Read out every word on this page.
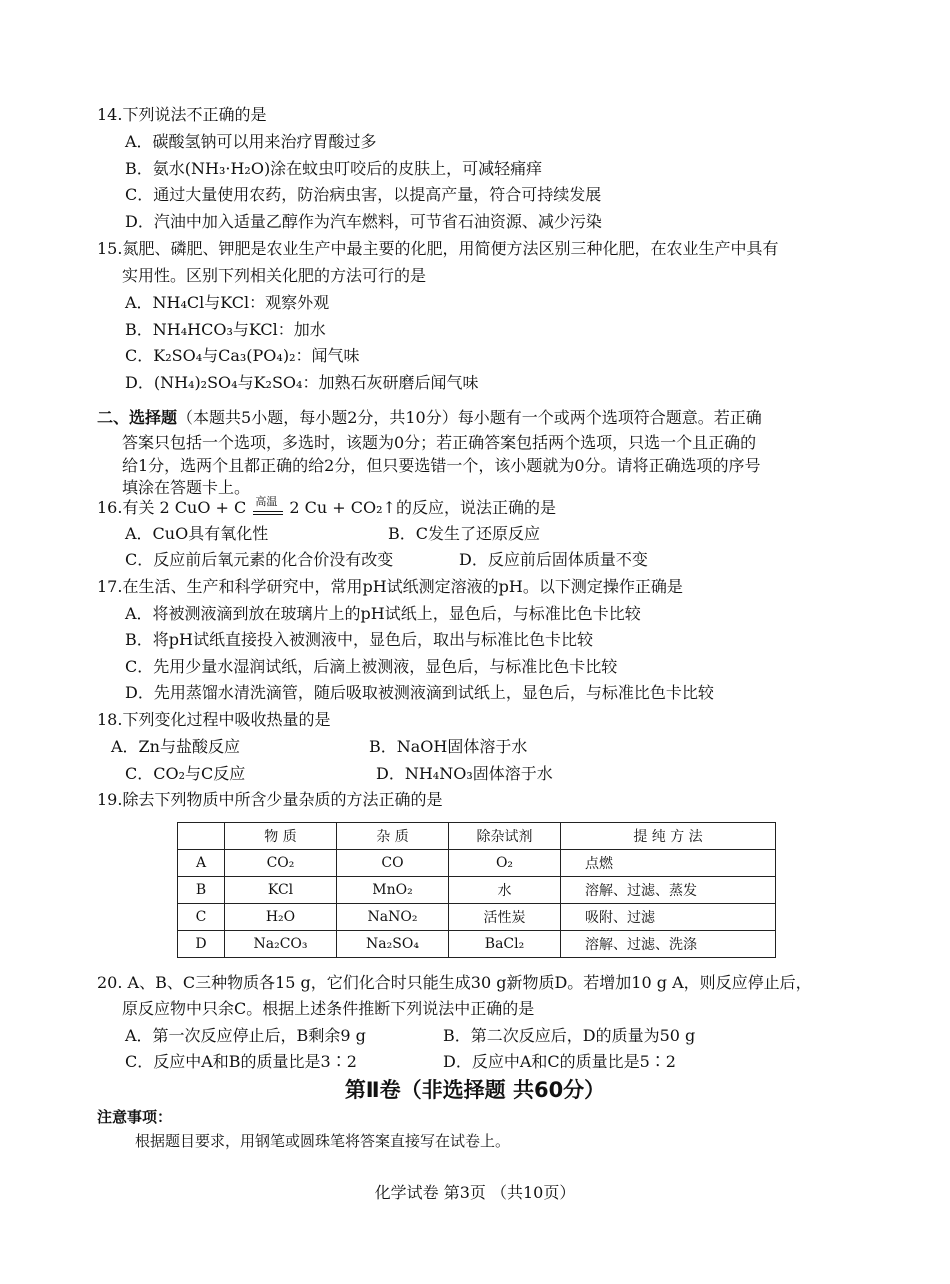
14.下列说法不正确的是
A．碳酸氢钠可以用来治疗胃酸过多
B．氨水(NH₃·H₂O)涂在蚊虫叮咬后的皮肤上，可减轻痛痒
C．通过大量使用农药，防治病虫害，以提高产量，符合可持续发展
D．汽油中加入适量乙醇作为汽车燃料，可节省石油资源、减少污染
15.氮肥、磷肥、钾肥是农业生产中最主要的化肥，用简便方法区别三种化肥，在农业生产中具有
实用性。区别下列相关化肥的方法可行的是
A．NH₄Cl与KCl：观察外观
B．NH₄HCO₃与KCl：加水
C．K₂SO₄与Ca₃(PO₄)₂：闻气味
D．(NH₄)₂SO₄与K₂SO₄：加熟石灰研磨后闻气味
二、选择题（本题共5小题，每小题2分，共10分）每小题有一个或两个选项符合题意。若正确
答案只包括一个选项，多选时，该题为0分；若正确答案包括两个选项，只选一个且正确的
给1分，选两个且都正确的给2分，但只要选错一个，该小题就为0分。请将正确选项的序号
填涂在答题卡上。
16.有关 2 CuO + C 高温 2 Cu + CO₂↑的反应，说法正确的是
A．CuO具有氧化性	B．C发生了还原反应
C．反应前后氧元素的化合价没有改变	D．反应前后固体质量不变
17.在生活、生产和科学研究中，常用pH试纸测定溶液的pH。以下测定操作正确是
A．将被测液滴到放在玻璃片上的pH试纸上，显色后，与标准比色卡比较
B．将pH试纸直接投入被测液中，显色后，取出与标准比色卡比较
C．先用少量水湿润试纸，后滴上被测液，显色后，与标准比色卡比较
D．先用蒸馏水清洗滴管，随后吸取被测液滴到试纸上，显色后，与标准比色卡比较
18.下列变化过程中吸收热量的是
A．Zn与盐酸反应	B．NaOH固体溶于水
C．CO₂与C反应	D．NH₄NO₃固体溶于水
19.除去下列物质中所含少量杂质的方法正确的是
	物 质	杂 质	除杂试剂	提 纯 方 法
A	CO₂	CO	O₂	点燃
B	KCl	MnO₂	水	溶解、过滤、蒸发
C	H₂O	NaNO₂	活性炭	吸附、过滤
D	Na₂CO₃	Na₂SO₄	BaCl₂	溶解、过滤、洗涤
20. A、B、C三种物质各15 g，它们化合时只能生成30 g新物质D。若增加10 g A，则反应停止后，
原反应物中只余C。根据上述条件推断下列说法中正确的是
A．第一次反应停止后，B剩余9 g	B．第二次反应后，D的质量为50 g
C．反应中A和B的质量比是3∶2	D．反应中A和C的质量比是5∶2
第Ⅱ卷（非选择题 共60分）
注意事项：
根据题目要求，用钢笔或圆珠笔将答案直接写在试卷上。
化学试卷 第3页 （共10页）
